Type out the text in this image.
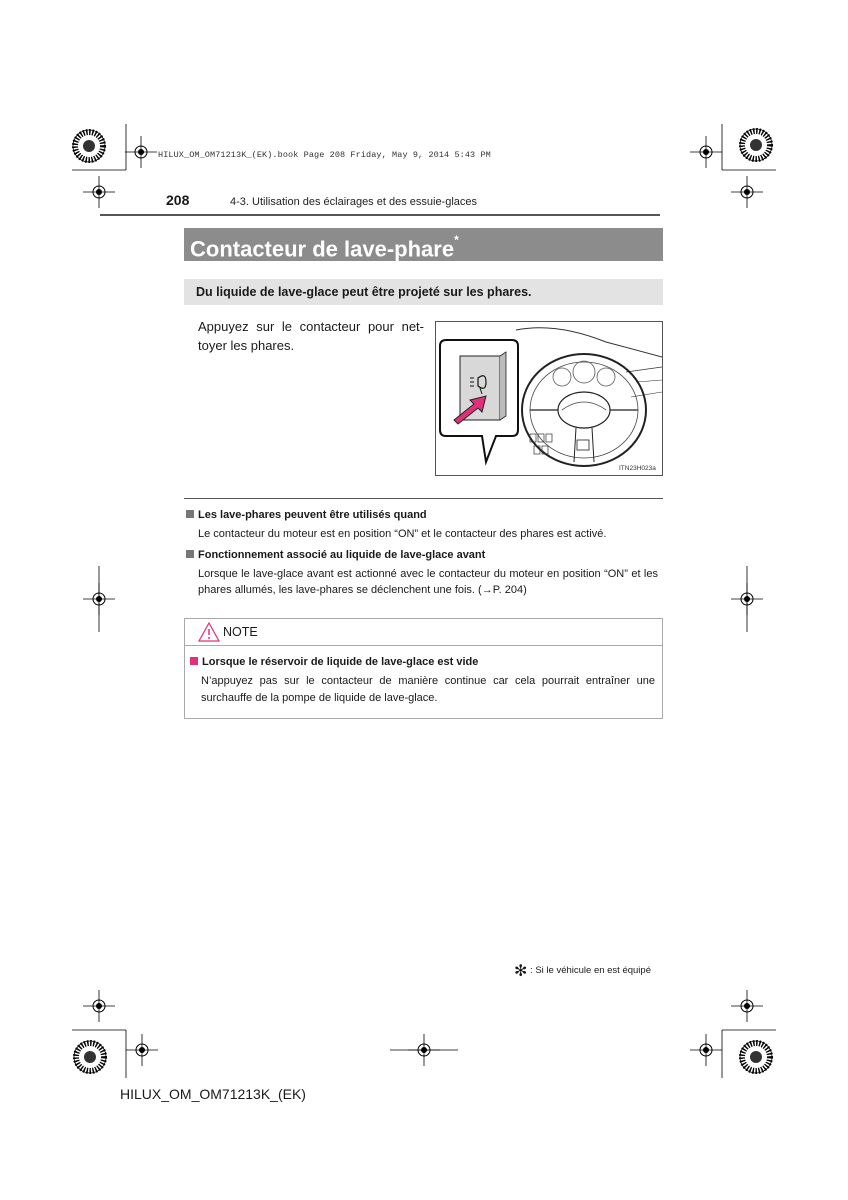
HILUX_OM_OM71213K_(EK).book Page 208 Friday, May 9, 2014 5:43 PM
208	4-3. Utilisation des éclairages et des essuie-glaces
Contacteur de lave-phare*
Du liquide de lave-glace peut être projeté sur les phares.
Appuyez sur le contacteur pour net-toyer les phares.
ITN23H023a
Les lave-phares peuvent être utilisés quand
Le contacteur du moteur est en position “ON” et le contacteur des phares est activé.
Fonctionnement associé au liquide de lave-glace avant
Lorsque le lave-glace avant est actionné avec le contacteur du moteur en position “ON” et les phares allumés, les lave-phares se déclenchent une fois. (→P. 204)
NOTE
Lorsque le réservoir de liquide de lave-glace est vide
N’appuyez pas sur le contacteur de manière continue car cela pourrait entraîner une surchauffe de la pompe de liquide de lave-glace.
✻ : Si le véhicule en est équipé
HILUX_OM_OM71213K_(EK)
